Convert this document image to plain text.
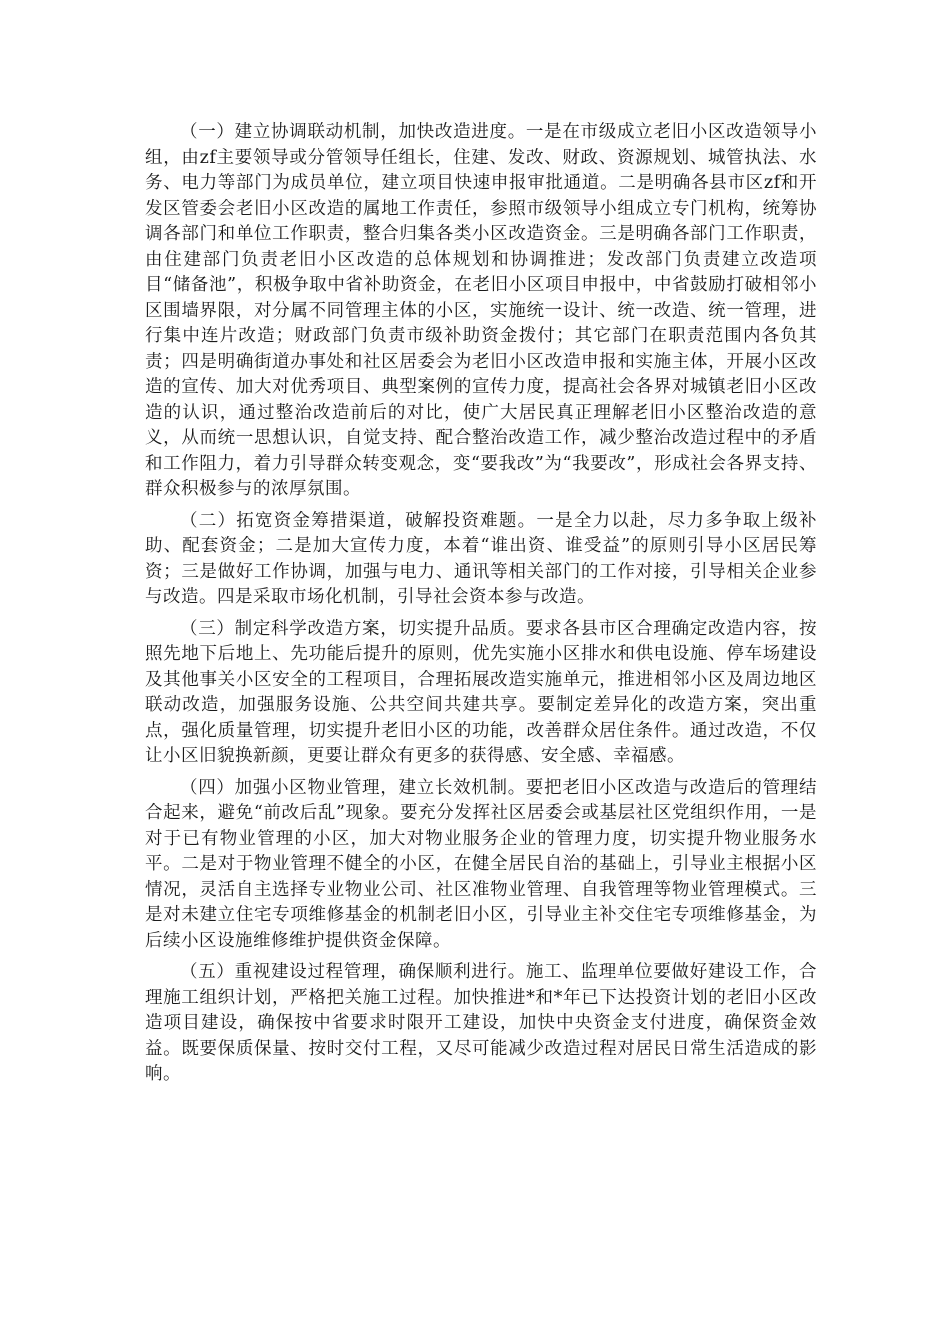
（一）建立协调联动机制，加快改造进度。一是在市级成立老旧小区改造领导小组，由zf主要领导或分管领导任组长，住建、发改、财政、资源规划、城管执法、水务、电力等部门为成员单位，建立项目快速申报审批通道。二是明确各县市区zf和开发区管委会老旧小区改造的属地工作责任，参照市级领导小组成立专门机构，统筹协调各部门和单位工作职责，整合归集各类小区改造资金。三是明确各部门工作职责，由住建部门负责老旧小区改造的总体规划和协调推进；发改部门负责建立改造项目“储备池”，积极争取中省补助资金，在老旧小区项目申报中，中省鼓励打破相邻小区围墙界限，对分属不同管理主体的小区，实施统一设计、统一改造、统一管理，进行集中连片改造；财政部门负责市级补助资金拨付；其它部门在职责范围内各负其责；四是明确街道办事处和社区居委会为老旧小区改造申报和实施主体，开展小区改造的宣传、加大对优秀项目、典型案例的宣传力度，提高社会各界对城镇老旧小区改造的认识，通过整治改造前后的对比，使广大居民真正理解老旧小区整治改造的意义，从而统一思想认识，自觉支持、配合整治改造工作，减少整治改造过程中的矛盾和工作阻力，着力引导群众转变观念，变“要我改”为“我要改”，形成社会各界支持、群众积极参与的浓厚氛围。

（二）拓宽资金筹措渠道，破解投资难题。一是全力以赴，尽力多争取上级补助、配套资金；二是加大宣传力度，本着“谁出资、谁受益”的原则引导小区居民筹资；三是做好工作协调，加强与电力、通讯等相关部门的工作对接，引导相关企业参与改造。四是采取市场化机制，引导社会资本参与改造。

（三）制定科学改造方案，切实提升品质。要求各县市区合理确定改造内容，按照先地下后地上、先功能后提升的原则，优先实施小区排水和供电设施、停车场建设及其他事关小区安全的工程项目，合理拓展改造实施单元，推进相邻小区及周边地区联动改造，加强服务设施、公共空间共建共享。要制定差异化的改造方案，突出重点，强化质量管理，切实提升老旧小区的功能，改善群众居住条件。通过改造，不仅让小区旧貌换新颜，更要让群众有更多的获得感、安全感、幸福感。

（四）加强小区物业管理，建立长效机制。要把老旧小区改造与改造后的管理结合起来，避免“前改后乱”现象。要充分发挥社区居委会或基层社区党组织作用，一是对于已有物业管理的小区，加大对物业服务企业的管理力度，切实提升物业服务水平。二是对于物业管理不健全的小区，在健全居民自治的基础上，引导业主根据小区情况，灵活自主选择专业物业公司、社区准物业管理、自我管理等物业管理模式。三是对未建立住宅专项维修基金的机制老旧小区，引导业主补交住宅专项维修基金，为后续小区设施维修维护提供资金保障。

（五）重视建设过程管理，确保顺利进行。施工、监理单位要做好建设工作，合理施工组织计划，严格把关施工过程。加快推进*和*年已下达投资计划的老旧小区改造项目建设，确保按中省要求时限开工建设，加快中央资金支付进度，确保资金效益。既要保质保量、按时交付工程，又尽可能减少改造过程对居民日常生活造成的影响。
